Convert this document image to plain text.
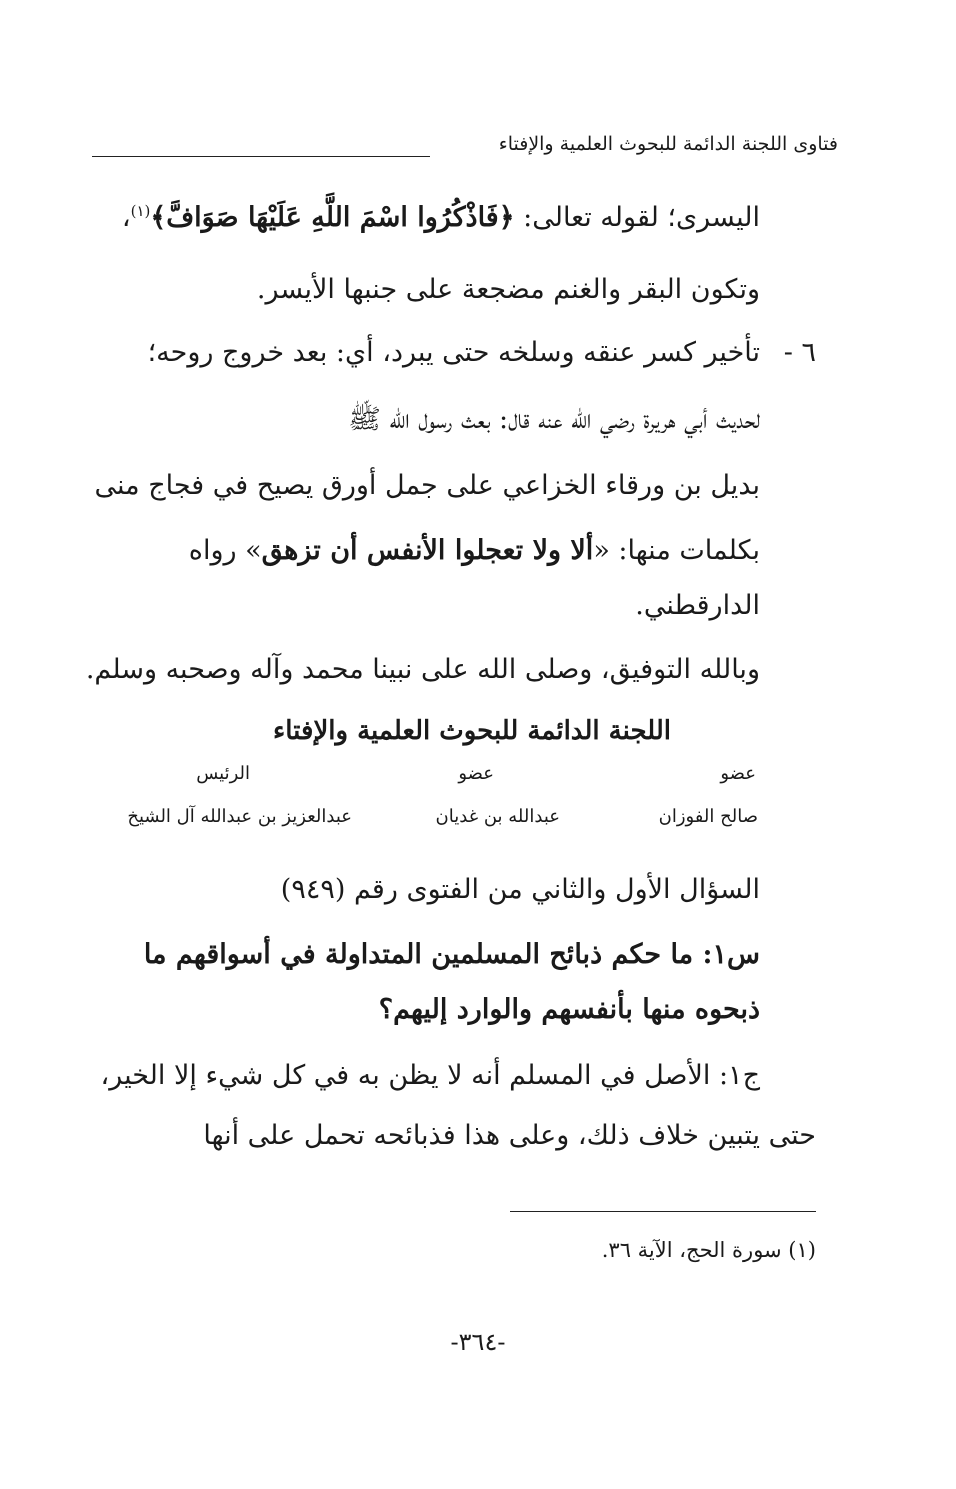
فتاوى اللجنة الدائمة للبحوث العلمية والإفتاء
اليسرى؛ لقوله تعالى: ﴿فَاذْكُرُوا اسْمَ اللَّهِ عَلَيْهَا صَوَافَّ﴾$^{(١)}$،
وتكون البقر والغنم مضجعة على جنبها الأيسر.
٦ -
تأخير كسر عنقه وسلخه حتى يبرد، أي: بعد خروج روحه؛
لحديث أبي هريرة رضي الله عنه قال: بعث رسول الله ﷺ
بديل بن ورقاء الخزاعي على جمل أورق يصيح في فجاج منى
بكلمات منها: «ألا ولا تعجلوا الأنفس أن تزهق» رواه
الدارقطني.
وبالله التوفيق، وصلى الله على نبينا محمد وآله وصحبه وسلم.
اللجنة الدائمة للبحوث العلمية والإفتاء
عضو
عضو
الرئيس
صالح الفوزان
عبدالله بن غديان
عبدالعزيز بن عبدالله آل الشيخ
السؤال الأول والثاني من الفتوى رقم (٩٤٩)
س١: ما حكم ذبائح المسلمين المتداولة في أسواقهم ما
ذبحوه منها بأنفسهم والوارد إليهم؟
ج١: الأصل في المسلم أنه لا يظن به في كل شيء إلا الخير،
حتى يتبين خلاف ذلك، وعلى هذا فذبائحه تحمل على أنها
(١) سورة الحج، الآية ٣٦.
-٣٦٤-
